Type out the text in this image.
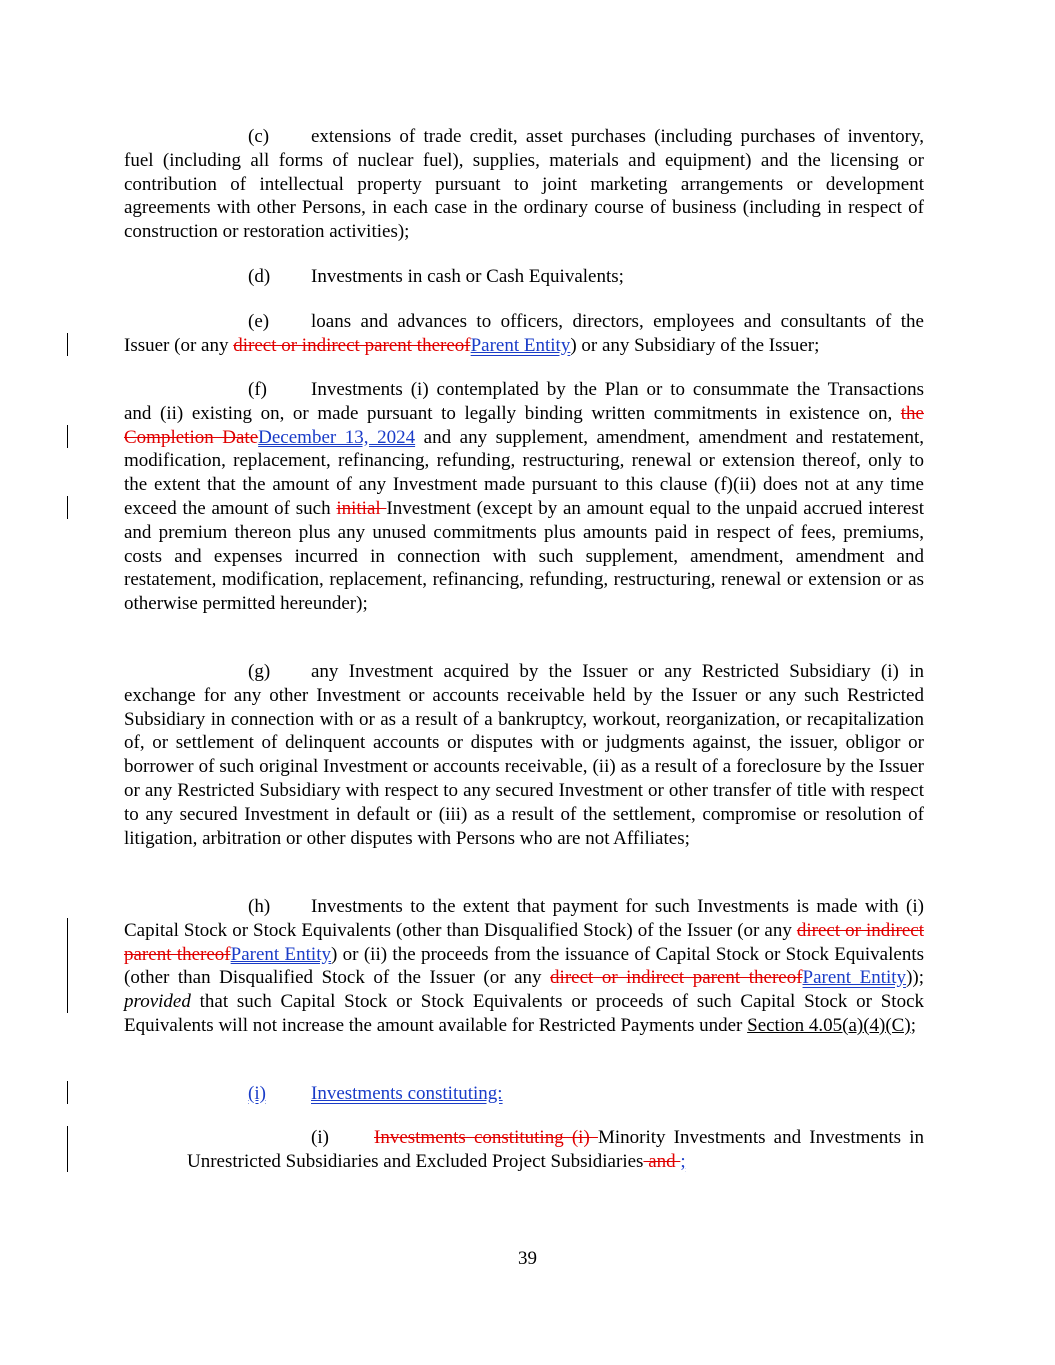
(c) extensions of trade credit, asset purchases (including purchases of inventory, fuel (including all forms of nuclear fuel), supplies, materials and equipment) and the licensing or contribution of intellectual property pursuant to joint marketing arrangements or development agreements with other Persons, in each case in the ordinary course of business (including in respect of construction or restoration activities);
(d) Investments in cash or Cash Equivalents;
(e) loans and advances to officers, directors, employees and consultants of the Issuer (or any direct or indirect parent thereofParent Entity) or any Subsidiary of the Issuer;
(f) Investments (i) contemplated by the Plan or to consummate the Transactions and (ii) existing on, or made pursuant to legally binding written commitments in existence on, the Completion DateDecember 13, 2024 and any supplement, amendment, amendment and restatement, modification, replacement, refinancing, refunding, restructuring, renewal or extension thereof, only to the extent that the amount of any Investment made pursuant to this clause (f)(ii) does not at any time exceed the amount of such initial Investment (except by an amount equal to the unpaid accrued interest and premium thereon plus any unused commitments plus amounts paid in respect of fees, premiums, costs and expenses incurred in connection with such supplement, amendment, amendment and restatement, modification, replacement, refinancing, refunding, restructuring, renewal or extension or as otherwise permitted hereunder);
(g) any Investment acquired by the Issuer or any Restricted Subsidiary (i) in exchange for any other Investment or accounts receivable held by the Issuer or any such Restricted Subsidiary in connection with or as a result of a bankruptcy, workout, reorganization, or recapitalization of, or settlement of delinquent accounts or disputes with or judgments against, the issuer, obligor or borrower of such original Investment or accounts receivable, (ii) as a result of a foreclosure by the Issuer or any Restricted Subsidiary with respect to any secured Investment or other transfer of title with respect to any secured Investment in default or (iii) as a result of the settlement, compromise or resolution of litigation, arbitration or other disputes with Persons who are not Affiliates;
(h) Investments to the extent that payment for such Investments is made with (i) Capital Stock or Stock Equivalents (other than Disqualified Stock) of the Issuer (or any direct or indirect parent thereofParent Entity) or (ii) the proceeds from the issuance of Capital Stock or Stock Equivalents (other than Disqualified Stock of the Issuer (or any direct or indirect parent thereofParent Entity)); provided that such Capital Stock or Stock Equivalents or proceeds of such Capital Stock or Stock Equivalents will not increase the amount available for Restricted Payments under Section 4.05(a)(4)(C);
(i) Investments constituting:
(i) Investments constituting (i) Minority Investments and Investments in Unrestricted Subsidiaries and Excluded Project Subsidiaries and ;
39
